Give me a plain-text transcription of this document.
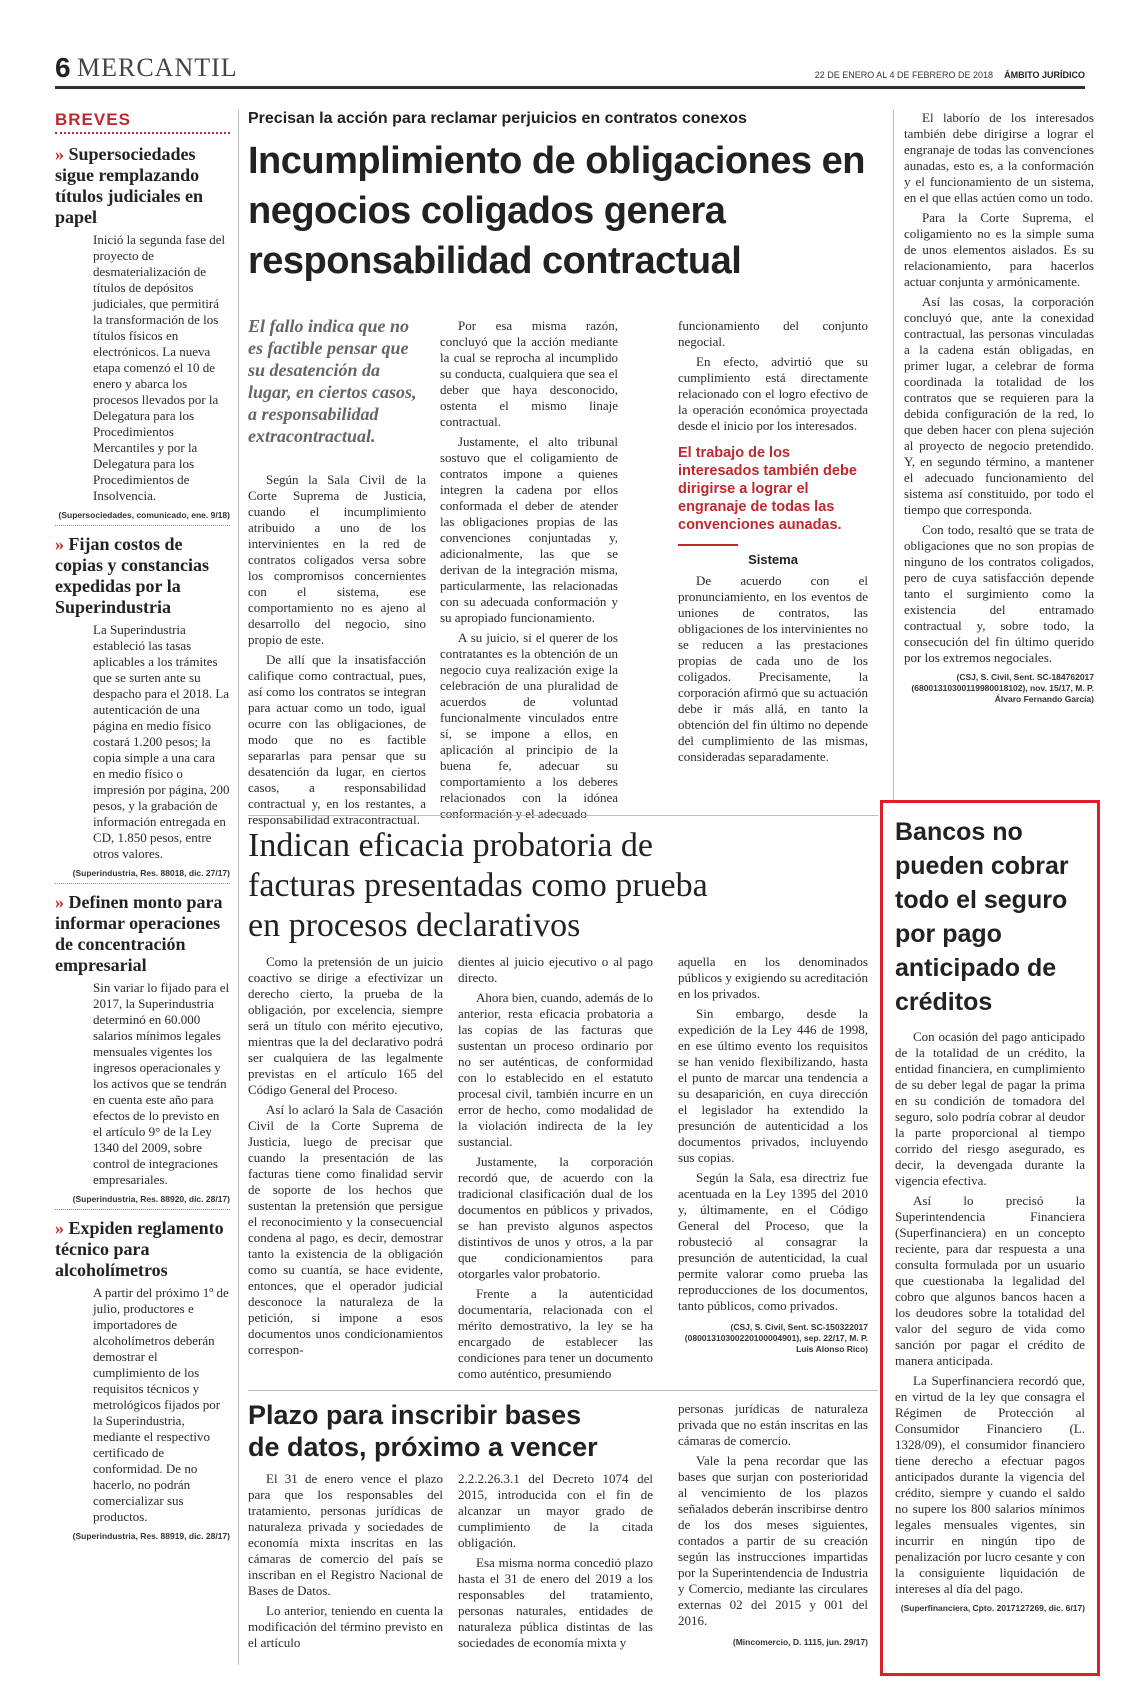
6 MERCANTIL	22 DE ENERO AL 4 DE FEBRERO DE 2018 ÁMBITO JURÍDICO
BREVES
» Supersociedades sigue remplazando títulos judiciales en papel
Inició la segunda fase del proyecto de desmaterialización de títulos de depósitos judiciales, que permitirá la transformación de los títulos físicos en electrónicos. La nueva etapa comenzó el 10 de enero y abarca los procesos llevados por la Delegatura para los Procedimientos Mercantiles y por la Delegatura para los Procedimientos de Insolvencia.
(Supersociedades, comunicado, ene. 9/18)
» Fijan costos de copias y constancias expedidas por la Superindustria
La Superindustria estableció las tasas aplicables a los trámites que se surten ante su despacho para el 2018. La autenticación de una página en medio físico costará 1.200 pesos; la copia simple a una cara en medio físico o impresión por página, 200 pesos, y la grabación de información entregada en CD, 1.850 pesos, entre otros valores.
(Superindustria, Res. 88018, dic. 27/17)
» Definen monto para informar operaciones de concentración empresarial
Sin variar lo fijado para el 2017, la Superindustria determinó en 60.000 salarios mínimos legales mensuales vigentes los ingresos operacionales y los activos que se tendrán en cuenta este año para efectos de lo previsto en el artículo 9° de la Ley 1340 del 2009, sobre control de integraciones empresariales.
(Superindustria, Res. 88920, dic. 28/17)
» Expiden reglamento técnico para alcoholímetros
A partir del próximo 1º de julio, productores e importadores de alcoholímetros deberán demostrar el cumplimiento de los requisitos técnicos y metrológicos fijados por la Superindustria, mediante el respectivo certificado de conformidad. De no hacerlo, no podrán comercializar sus productos.
(Superindustria, Res. 88919, dic. 28/17)
Precisan la acción para reclamar perjuicios en contratos conexos
Incumplimiento de obligaciones en negocios coligados genera responsabilidad contractual
El fallo indica que no es factible pensar que su desatención da lugar, en ciertos casos, a responsabilidad extracontractual.

Según la Sala Civil de la Corte Suprema de Justicia, cuando el incumplimiento atribuido a uno de los intervinientes en la red de contratos coligados versa sobre los compromisos concernientes con el sistema, ese comportamiento no es ajeno al desarrollo del negocio, sino propio de este.

De allí que la insatisfacción califique como contractual, pues, así como los contratos se integran para actuar como un todo, igual ocurre con las obligaciones, de modo que no es factible separarlas para pensar que su desatención da lugar, en ciertos casos, a responsabilidad contractual y, en los restantes, a responsabilidad extracontractual.

Por esa misma razón, concluyó que la acción mediante la cual se reprocha al incumplido su conducta, cualquiera que sea el deber que haya desconocido, ostenta el mismo linaje contractual.

Justamente, el alto tribunal sostuvo que el coligamiento de contratos impone a quienes integren la cadena por ellos conformada el deber de atender las obligaciones propias de las convenciones conjuntadas y, adicionalmente, las que se derivan de la integración misma, particularmente, las relacionadas con su adecuada conformación y su apropiado funcionamiento.

A su juicio, si el querer de los contratantes es la obtención de un negocio cuya realización exige la celebración de una pluralidad de acuerdos de voluntad funcionalmente vinculados entre sí, se impone a ellos, en aplicación al principio de la buena fe, adecuar su comportamiento a los deberes relacionados con la idónea conformación y el adecuado

funcionamiento del conjunto negocial.

En efecto, advirtió que su cumplimiento está directamente relacionado con el logro efectivo de la operación económica proyectada desde el inicio por los interesados.

El trabajo de los interesados también debe dirigirse a lograr el engranaje de todas las convenciones aunadas.
Sistema

De acuerdo con el pronunciamiento, en los eventos de uniones de contratos, las obligaciones de los intervinientes no se reducen a las prestaciones propias de cada uno de los coligados. Precisamente, la corporación afirmó que su actuación debe ir más allá, en tanto la obtención del fin último no depende del cumplimiento de las mismas, consideradas separadamente.

El laborío de los interesados también debe dirigirse a lograr el engranaje de todas las convenciones aunadas, esto es, a la conformación y el funcionamiento de un sistema, en el que ellas actúen como un todo.

Para la Corte Suprema, el coligamiento no es la simple suma de unos elementos aislados. Es su relacionamiento, para hacerlos actuar conjunta y armónicamente.

Así las cosas, la corporación concluyó que, ante la conexidad contractual, las personas vinculadas a la cadena están obligadas, en primer lugar, a celebrar de forma coordinada la totalidad de los contratos que se requieren para la debida configuración de la red, lo que deben hacer con plena sujeción al proyecto de negocio pretendido. Y, en segundo término, a mantener el adecuado funcionamiento del sistema así constituido, por todo el tiempo que corresponda.

Con todo, resaltó que se trata de obligaciones que no son propias de ninguno de los contratos coligados, pero de cuya satisfacción depende tanto el surgimiento como la existencia del entramado contractual y, sobre todo, la consecución del fin último querido por los extremos negociales.

(CSJ, S. Civil, Sent. SC-184762017 (68001310300119980018102), nov. 15/17, M. P. Álvaro Fernando García)
Indican eficacia probatoria de facturas presentadas como prueba en procesos declarativos

Como la pretensión de un juicio coactivo se dirige a efectivizar un derecho cierto, la prueba de la obligación, por excelencia, siempre será un título con mérito ejecutivo, mientras que la del declarativo podrá ser cualquiera de las legalmente previstas en el artículo 165 del Código General del Proceso.

Así lo aclaró la Sala de Casación Civil de la Corte Suprema de Justicia, luego de precisar que cuando la presentación de las facturas tiene como finalidad servir de soporte de los hechos que sustentan la pretensión que persigue el reconocimiento y la consecuencial condena al pago, es decir, demostrar tanto la existencia de la obligación como su cuantía, se hace evidente, entonces, que el operador judicial desconoce la naturaleza de la petición, si impone a esos documentos unos condicionamientos correspon-

dientes al juicio ejecutivo o al pago directo.

Ahora bien, cuando, además de lo anterior, resta eficacia probatoria a las copias de las facturas que sustentan un proceso ordinario por no ser auténticas, de conformidad con lo establecido en el estatuto procesal civil, también incurre en un error de hecho, como modalidad de la violación indirecta de la ley sustancial.

Justamente, la corporación recordó que, de acuerdo con la tradicional clasificación dual de los documentos en públicos y privados, se han previsto algunos aspectos distintivos de unos y otros, a la par que condicionamientos para otorgarles valor probatorio.

Frente a la autenticidad documentaria, relacionada con el mérito demostrativo, la ley se ha encargado de establecer las condiciones para tener un documento como auténtico, presumiendo

aquella en los denominados públicos y exigiendo su acreditación en los privados.

Sin embargo, desde la expedición de la Ley 446 de 1998, en ese último evento los requisitos se han venido flexibilizando, hasta el punto de marcar una tendencia a su desaparición, en cuya dirección el legislador ha extendido la presunción de autenticidad a los documentos privados, incluyendo sus copias.

Según la Sala, esa directriz fue acentuada en la Ley 1395 del 2010 y, últimamente, en el Código General del Proceso, que la robusteció al consagrar la presunción de autenticidad, la cual permite valorar como prueba las reproducciones de los documentos, tanto públicos, como privados.

(CSJ, S. Civil, Sent. SC-150322017 (08001310300220100004901), sep. 22/17, M. P. Luis Alonso Rico)
Plazo para inscribir bases de datos, próximo a vencer

El 31 de enero vence el plazo para que los responsables del tratamiento, personas jurídicas de naturaleza privada y sociedades de economía mixta inscritas en las cámaras de comercio del país se inscriban en el Registro Nacional de Bases de Datos.

Lo anterior, teniendo en cuenta la modificación del término previsto en el artículo

2.2.2.26.3.1 del Decreto 1074 del 2015, introducida con el fin de alcanzar un mayor grado de cumplimiento de la citada obligación.

Esa misma norma concedió plazo hasta el 31 de enero del 2019 a los responsables del tratamiento, personas naturales, entidades de naturaleza pública distintas de las sociedades de economía mixta y

personas jurídicas de naturaleza privada que no están inscritas en las cámaras de comercio.

Vale la pena recordar que las bases que surjan con posterioridad al vencimiento de los plazos señalados deberán inscribirse dentro de los dos meses siguientes, contados a partir de su creación según las instrucciones impartidas por la Superintendencia de Industria y Comercio, mediante las circulares externas 02 del 2015 y 001 del 2016.

(Mincomercio, D. 1115, jun. 29/17)
Bancos no pueden cobrar todo el seguro por pago anticipado de créditos

Con ocasión del pago anticipado de la totalidad de un crédito, la entidad financiera, en cumplimiento de su deber legal de pagar la prima en su condición de tomadora del seguro, solo podría cobrar al deudor la parte proporcional al tiempo corrido del riesgo asegurado, es decir, la devengada durante la vigencia efectiva.

Así lo precisó la Superintendencia Financiera (Superfinanciera) en un concepto reciente, para dar respuesta a una consulta formulada por un usuario que cuestionaba la legalidad del cobro que algunos bancos hacen a los deudores sobre la totalidad del valor del seguro de vida como sanción por pagar el crédito de manera anticipada.

La Superfinanciera recordó que, en virtud de la ley que consagra el Régimen de Protección al Consumidor Financiero (L. 1328/09), el consumidor financiero tiene derecho a efectuar pagos anticipados durante la vigencia del crédito, siempre y cuando el saldo no supere los 800 salarios mínimos legales mensuales vigentes, sin incurrir en ningún tipo de penalización por lucro cesante y con la consiguiente liquidación de intereses al día del pago.

(Superfinanciera, Cpto. 2017127269, dic. 6/17)
